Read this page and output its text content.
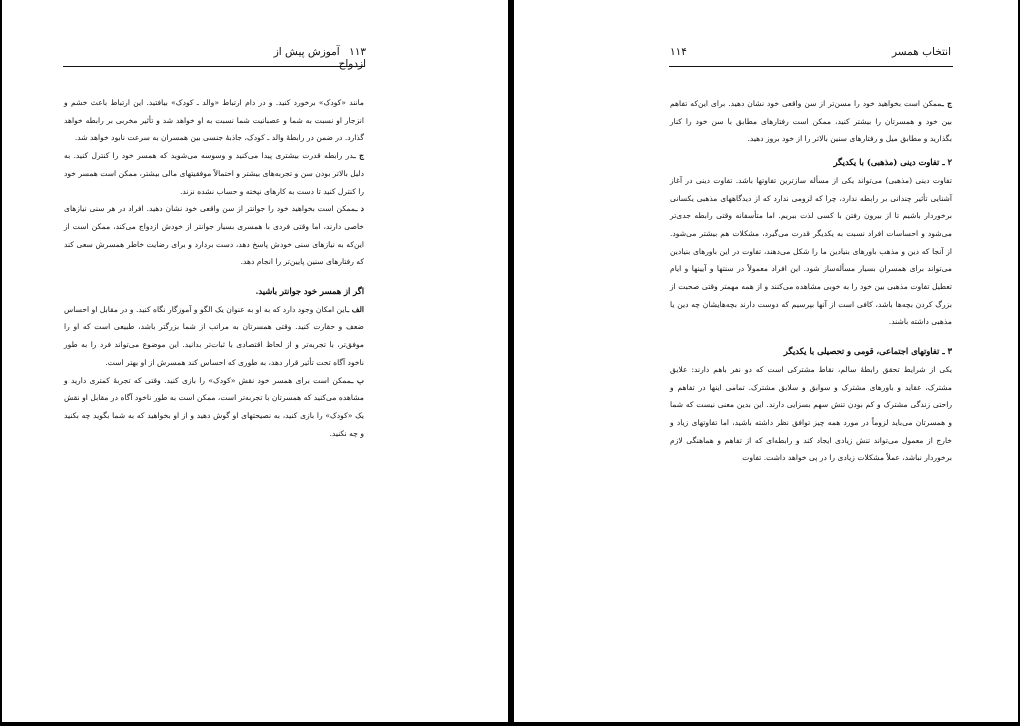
۱۱۳ آموزش پیش از ازدواج

مانند «کودک» برخورد کنید. و در دام ارتباط «والد ـ کودک» بیافتید. این ارتباط باعث خشم و انزجار او نسبت به شما و عصبانیت شما نسبت به او خواهد شد و تأثیر مخربی بر رابطه خواهد گذارد. در ضمن در رابطهٔ والد ـ کودک، جاذبهٔ جنسی بین همسران به سرعت نابود خواهد شد.

ج ـدر رابطه قدرت بیشتری پیدا می‌کنید و وسوسه می‌شوید که همسر خود را کنترل کنید. به دلیل بالاتر بودن سن و تجربه‌های بیشتر و احتمالاً موفقیتهای مالی بیشتر، ممکن است همسر خود را کنترل کنید تا دست به کارهای نپخته و حساب نشده نزند.

د ـممکن است بخواهید خود را جوانتر از سن واقعی خود نشان دهید. افراد در هر سنی نیازهای خاصی دارند، اما وقتی فردی با همسری بسیار جوانتر از خودش ازدواج می‌کند، ممکن است از این‌که به نیازهای سنی خودش پاسخ دهد، دست بردارد و برای رضایت خاطر همسرش سعی کند که رفتارهای سنین پایین‌تر را انجام دهد.

اگر از همسر خود جوانتر باشید.

الف ـاین امکان وجود دارد که به او به عنوان یک الگو و آموزگار نگاه کنید. و در مقابل او احساس ضعف و حقارت کنید. وقتی همسرتان به مراتب از شما بزرگتر باشد، طبیعی است که او را موفق‌تر، با تجربه‌تر و از لحاظ اقتصادی با ثبات‌تر بدانید. این موضوع می‌تواند فرد را به طور ناخود آگاه تحت تأثیر قرار دهد، به طوری که احساس کند همسرش از او بهتر است.

ب ـممکن است برای همسر خود نقش «کودک» را بازی کنید. وقتی که تجربهٔ کمتری دارید و مشاهده می‌کنید که همسرتان با تجربه‌تر است، ممکن است به طور ناخود آگاه در مقابل او نقش یک «کودک» را بازی کنید، به نصیحتهای او گوش دهید و از او بخواهید که به شما بگوید چه بکنید و چه نکنید.

انتخاب همسر
۱۱۴

ج ـممکن است بخواهید خود را مسن‌تر از سن واقعی خود نشان دهید. برای این‌که تفاهم بین خود و همسرتان را بیشتر کنید، ممکن است رفتارهای مطابق با سن خود را کنار بگذارید و مطابق میل و رفتارهای سنین بالاتر را از خود بروز دهید.

۲ ـ تفاوت دینی (مذهبی) با یکدیگر

تفاوت دینی (مذهبی) می‌تواند یکی از مسأله سازترین تفاوتها باشد. تفاوت دینی در آغاز آشنایی تأثیر چندانی بر رابطه ندارد، چرا که لزومی ندارد که از دیدگاههای مذهبی یکسانی برخوردار باشیم تا از بیرون رفتن با کسی لذت ببریم. اما متأسفانه وقتی رابطه جدی‌تر می‌شود و احساسات افراد نسبت به یکدیگر قدرت می‌گیرد، مشکلات هم بیشتر می‌شود. از آنجا که دین و مذهب باورهای بنیادین ما را شکل می‌دهند، تفاوت در این باورهای بنیادین می‌تواند برای همسران بسیار مسأله‌ساز شود. این افراد معمولاً در سنتها و آیینها و ایام تعطیل تفاوت مذهبی بین خود را به خوبی مشاهده می‌کنند و از همه مهمتر وقتی صحبت از بزرگ کردن بچه‌ها باشد، کافی است از آنها بپرسیم که دوست دارند بچه‌هایشان چه دین یا مذهبی داشته باشند.

۳ ـ تفاوتهای اجتماعی، قومی و تحصیلی با یکدیگر

یکی از شرایط تحقق رابطهٔ سالم، نقاط مشترکی است که دو نفر باهم دارند: علایق مشترک، عقاید و باورهای مشترک و سوابق و سلایق مشترک. تمامی اینها در تفاهم و راحتی زندگی مشترک و کم بودن تنش سهم بسزایی دارند. این بدین معنی نیست که شما و همسرتان می‌باید لزوماً در مورد همه چیز توافق نظر داشته باشید، اما تفاوتهای زیاد و خارج از معمول می‌تواند تنش زیادی ایجاد کند و رابطه‌ای که از تفاهم و هماهنگی لازم برخوردار نباشد، عملاً مشکلات زیادی را در پی خواهد داشت. تفاوت
